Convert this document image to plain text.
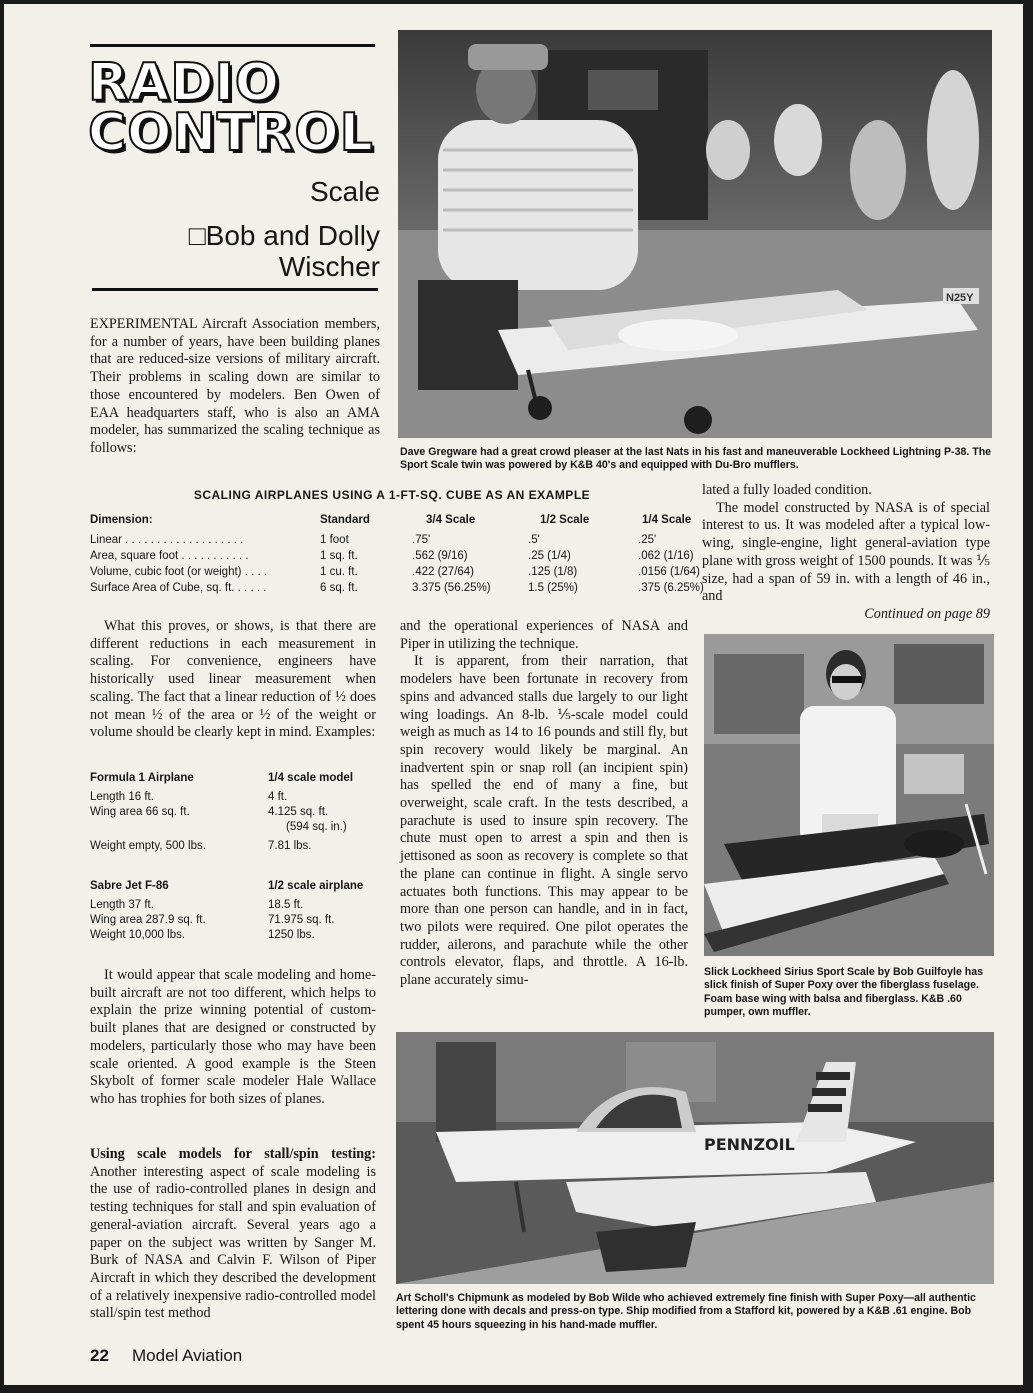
RADIO
CONTROL
Scale
□Bob and Dolly
Wischer

EXPERIMENTAL Aircraft Association members, for a number of years, have been building planes that are reduced-size versions of military aircraft. Their problems in scaling down are similar to those encountered by modelers. Ben Owen of EAA headquarters staff, who is also an AMA modeler, has summarized the scaling technique as follows:

N25Y
Dave Gregware had a great crowd pleaser at the last Nats in his fast and maneuverable Lockheed Lightning P-38. The Sport Scale twin was powered by K&B 40's and equipped with Du-Bro mufflers.
SCALING AIRPLANES USING A 1-FT-SQ. CUBE AS AN EXAMPLE
Dimension:	Standard	3/4 Scale	1/2 Scale	1/4 Scale
Linear . . . . . . . . . . . . . . . . . . .	1 foot	.75'	.5'	.25'
Area, square foot . . . . . . . . . . .	1 sq. ft.	.562 (9/16)	.25 (1/4)	.062 (1/16)
Volume, cubic foot (or weight) . . . .	1 cu. ft.	.422 (27/64)	.125 (1/8)	.0156 (1/64)
Surface Area of Cube, sq. ft. . . . . .	6 sq. ft.	3.375 (56.25%)	1.5 (25%)	.375 (6.25%)

What this proves, or shows, is that there are different reductions in each measurement in scaling. For convenience, engineers have historically used linear measurement when scaling. The fact that a linear reduction of ½ does not mean ½ of the area or ½ of the weight or volume should be clearly kept in mind. Examples:

Formula 1 Airplane	1/4 scale model
Length 16 ft.	4 ft.
Wing area 66 sq. ft.	4.125 sq. ft.
(594 sq. in.)

Weight empty, 500 lbs.	7.81 lbs.
Sabre Jet F-86	1/2 scale airplane
Length 37 ft.	18.5 ft.
Wing area 287.9 sq. ft.	71.975 sq. ft.
Weight 10,000 lbs.	1250 lbs.

It would appear that scale modeling and home-built aircraft are not too different, which helps to explain the prize winning potential of custom-built planes that are designed or constructed by modelers, particularly those who may have been scale oriented. A good example is the Steen Skybolt of former scale modeler Hale Wallace who has trophies for both sizes of planes.

Using scale models for stall/spin testing: Another interesting aspect of scale modeling is the use of radio-controlled planes in design and testing techniques for stall and spin evaluation of general-aviation aircraft. Several years ago a paper on the subject was written by Sanger M. Burk of NASA and Calvin F. Wilson of Piper Aircraft in which they described the development of a relatively inexpensive radio-controlled model stall/spin test method

and the operational experiences of NASA and Piper in utilizing the technique.

It is apparent, from their narration, that modelers have been fortunate in recovery from spins and advanced stalls due largely to our light wing loadings. An 8-lb. ⅕-scale model could weigh as much as 14 to 16 pounds and still fly, but spin recovery would likely be marginal. An inadvertent spin or snap roll (an incipient spin) has spelled the end of many a fine, but overweight, scale craft. In the tests described, a parachute is used to insure spin recovery. The chute must open to arrest a spin and then is jettisoned as soon as recovery is complete so that the plane can continue in flight. A single servo actuates both functions. This may appear to be more than one person can handle, and in in fact, two pilots were required. One pilot operates the rudder, ailerons, and parachute while the other controls elevator, flaps, and throttle. A 16-lb. plane accurately simu-

lated a fully loaded condition.

The model constructed by NASA is of special interest to us. It was modeled after a typical low-wing, single-engine, light general-aviation type plane with gross weight of 1500 pounds. It was ⅕ size, had a span of 59 in. with a length of 46 in., and

Continued on page 89

Slick Lockheed Sirius Sport Scale by Bob Guilfoyle has slick finish of Super Poxy over the fiberglass fuselage. Foam base wing with balsa and fiberglass. K&B .60 pumper, own muffler.
PENNZOIL
Art Scholl's Chipmunk as modeled by Bob Wilde who achieved extremely fine finish with Super Poxy—all authentic lettering done with decals and press-on type. Ship modified from a Stafford kit, powered by a K&B .61 engine. Bob spent 45 hours squeezing in his hand-made muffler.
22 Model Aviation
